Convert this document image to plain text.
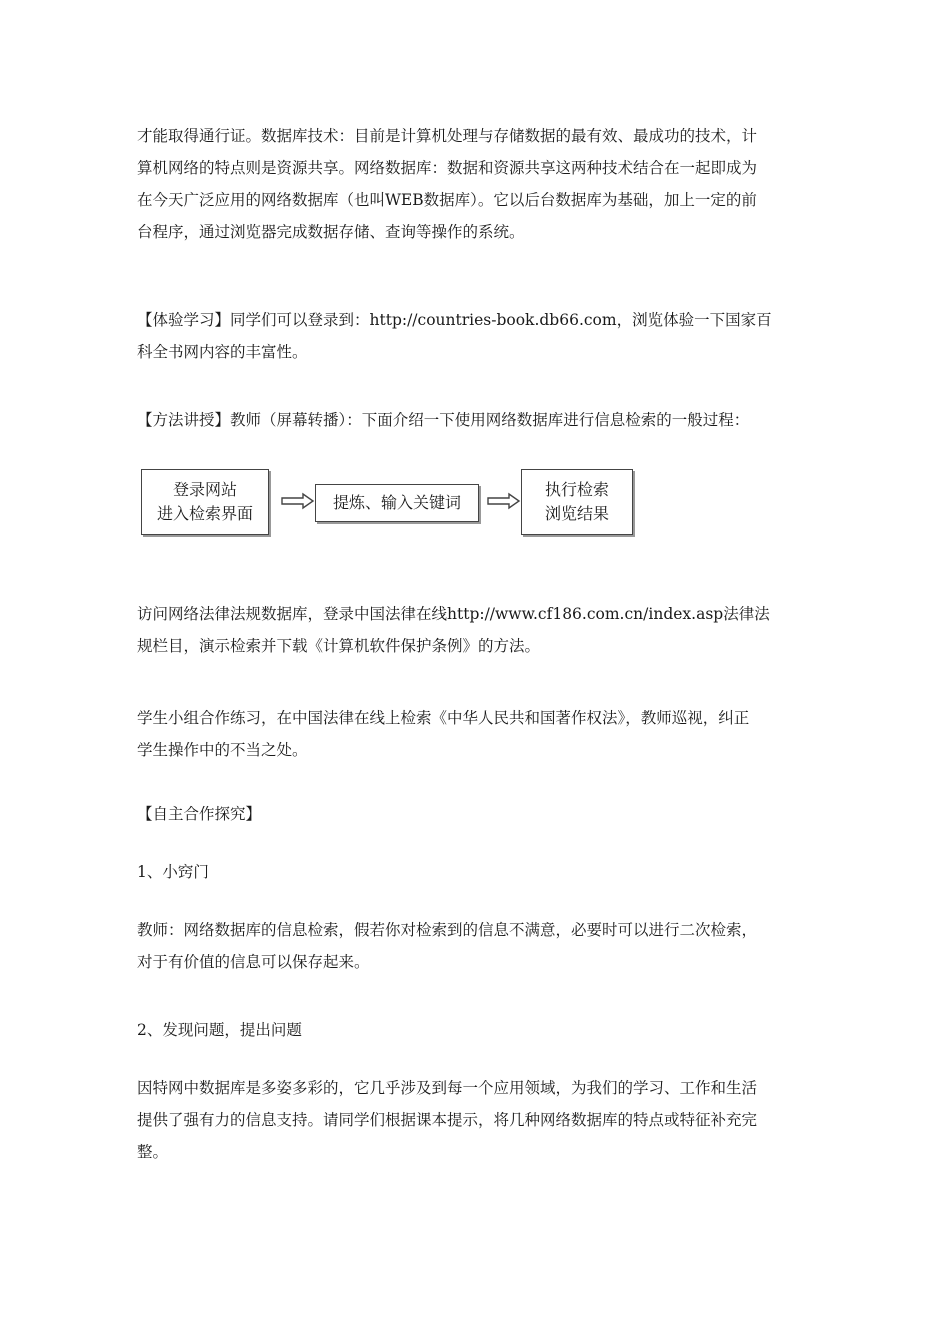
才能取得通行证。数据库技术：目前是计算机处理与存储数据的最有效、最成功的技术，计
算机网络的特点则是资源共享。网络数据库：数据和资源共享这两种技术结合在一起即成为
在今天广泛应用的网络数据库（也叫WEB数据库）。它以后台数据库为基础，加上一定的前
台程序，通过浏览器完成数据存储、查询等操作的系统。
【体验学习】同学们可以登录到：http://countries-book.db66.com，浏览体验一下国家百
科全书网内容的丰富性。
【方法讲授】教师（屏幕转播）：下面介绍一下使用网络数据库进行信息检索的一般过程：
登录网站
进入检索界面
提炼、输入关键词
执行检索
浏览结果
访问网络法律法规数据库，登录中国法律在线http://www.cf186.com.cn/index.asp法律法
规栏目，演示检索并下载《计算机软件保护条例》的方法。
学生小组合作练习，在中国法律在线上检索《中华人民共和国著作权法》，教师巡视，纠正
学生操作中的不当之处。
【自主合作探究】
1、小窍门
教师：网络数据库的信息检索，假若你对检索到的信息不满意，必要时可以进行二次检索，
对于有价值的信息可以保存起来。
2、发现问题，提出问题
因特网中数据库是多姿多彩的，它几乎涉及到每一个应用领域，为我们的学习、工作和生活
提供了强有力的信息支持。请同学们根据课本提示，将几种网络数据库的特点或特征补充完
整。
